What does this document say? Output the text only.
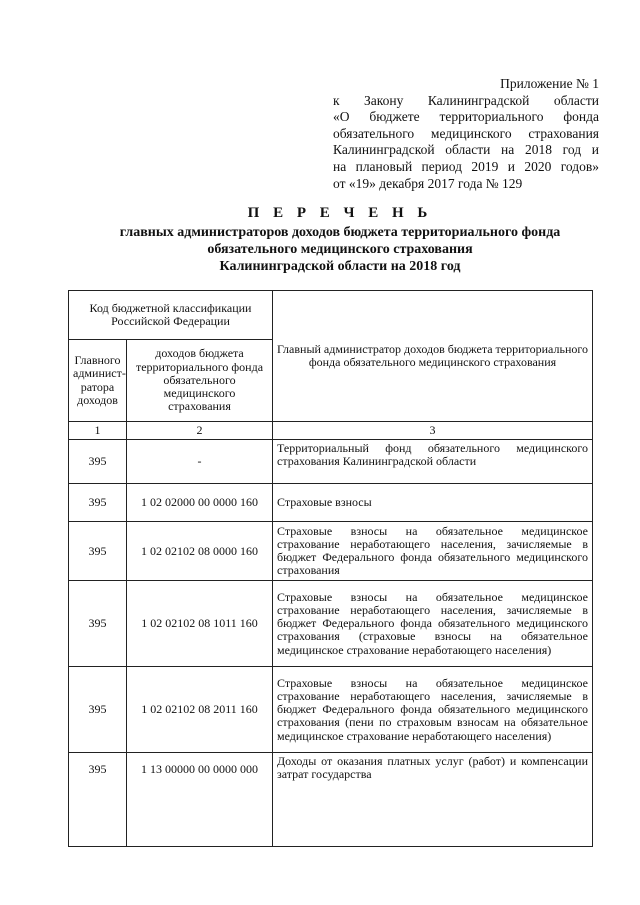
Приложение № 1
к Закону Калининградской области
«О бюджете территориального фонда
обязательного медицинского страхования
Калининградской области на 2018 год и
на плановый период 2019 и 2020 годов»
от «19» декабря 2017 года № 129
П Е Р Е Ч Е Н Ь
главных администраторов доходов бюджета территориального фонда
обязательного медицинского страхования
Калининградской области на 2018 год
Код бюджетной классификации Российской Федерации		Главный администратор доходов бюджета территориального фонда обязательного медицинского страхования
Главного админист-ратора доходов	доходов бюджета территориального фонда обязательного медицинского страхования	
1	2	3
395	-	Территориальный фонд обязательного медицинского страхования Калининградской области
395	1 02 02000 00 0000 160	Страховые взносы
395	1 02 02102 08 0000 160	Страховые взносы на обязательное медицинское страхование неработающего населения, зачисляемые в бюджет Федерального фонда обязательного медицинского страхования
395	1 02 02102 08 1011 160	Страховые взносы на обязательное медицинское страхование неработающего населения, зачисляемые в бюджет Федерального фонда обязательного медицинского страхования (страховые взносы на обязательное медицинское страхование неработающего населения)
395	1 02 02102 08 2011 160	Страховые взносы на обязательное медицинское страхование неработающего населения, зачисляемые в бюджет Федерального фонда обязательного медицинского страхования (пени по страховым взносам на обязательное медицинское страхование неработающего населения)
395	1 13 00000 00 0000 000	Доходы от оказания платных услуг (работ) и компенсации затрат государства
